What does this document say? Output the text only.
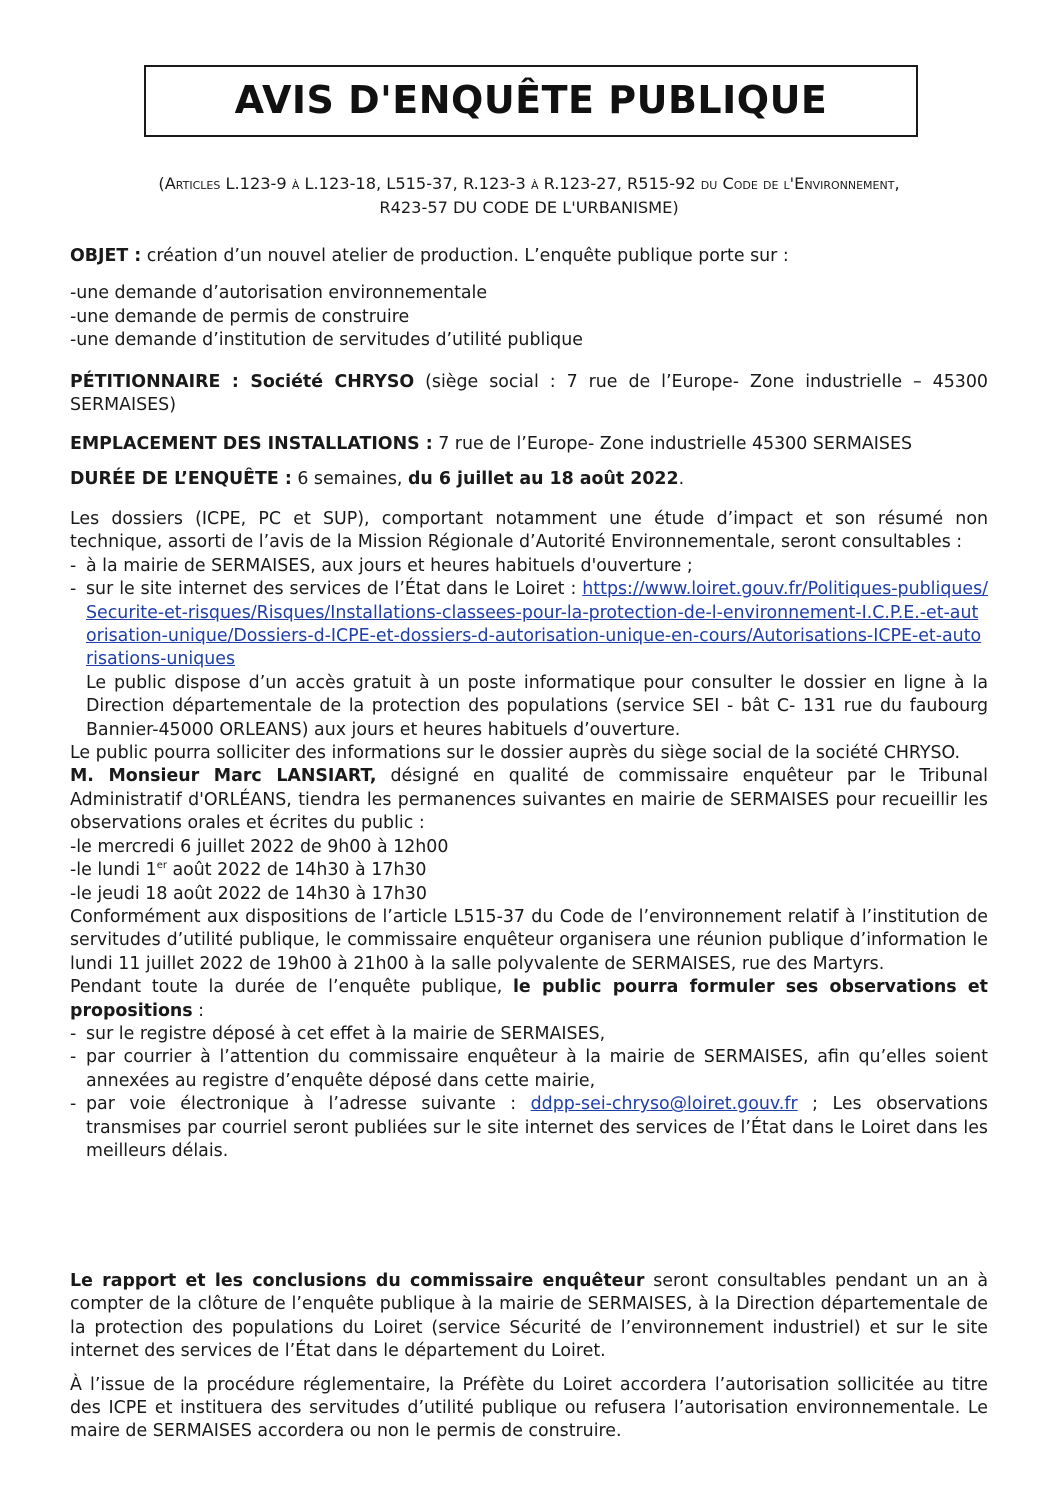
AVIS D'ENQUÊTE PUBLIQUE
(Articles L.123-9 à L.123-18, L515-37, R.123-3 à R.123-27, R515-92 du Code de l'Environnement,
R423-57 DU CODE DE L'URBANISME)

OBJET : création d’un nouvel atelier de production. L’enquête publique porte sur :

-une demande d’autorisation environnementale
-une demande de permis de construire
-une demande d’institution de servitudes d’utilité publique

PÉTITIONNAIRE : Société CHRYSO (siège social : 7 rue de l’Europe- Zone industrielle – 45300 SERMAISES)

EMPLACEMENT DES INSTALLATIONS : 7 rue de l’Europe- Zone industrielle 45300 SERMAISES

DURÉE DE L’ENQUÊTE : 6 semaines, du 6 juillet au 18 août 2022.

Les dossiers (ICPE, PC et SUP), comportant notamment une étude d’impact et son résumé non technique, assorti de l’avis de la Mission Régionale d’Autorité Environnementale, seront consultables :

- à la mairie de SERMAISES, aux jours et heures habituels d'ouverture ;
- sur le site internet des services de l’État dans le Loiret : https://www.loiret.gouv.fr/Politiques-publiques/Securite-et-risques/Risques/Installations-classees-pour-la-protection-de-l-environnement-I.C.P.E.-et-autorisation-unique/Dossiers-d-ICPE-et-dossiers-d-autorisation-unique-en-cours/Autorisations-ICPE-et-autorisations-uniques

Le public dispose d’un accès gratuit à un poste informatique pour consulter le dossier en ligne à la Direction départementale de la protection des populations (service SEI - bât C- 131 rue du faubourg Bannier-45000 ORLEANS) aux jours et heures habituels d’ouverture.

Le public pourra solliciter des informations sur le dossier auprès du siège social de la société CHRYSO.

M. Monsieur Marc LANSIART, désigné en qualité de commissaire enquêteur par le Tribunal Administratif d'ORLÉANS, tiendra les permanences suivantes en mairie de SERMAISES pour recueillir les observations orales et écrites du public :

-le mercredi 6 juillet 2022 de 9h00 à 12h00

-le lundi 1er août 2022 de 14h30 à 17h30

-le jeudi 18 août 2022 de 14h30 à 17h30

Conformément aux dispositions de l’article L515-37 du Code de l’environnement relatif à l’institution de servitudes d’utilité publique, le commissaire enquêteur organisera une réunion publique d’information le lundi 11 juillet 2022 de 19h00 à 21h00 à la salle polyvalente de SERMAISES, rue des Martyrs.

Pendant toute la durée de l’enquête publique, le public pourra formuler ses observations et propositions :

- sur le registre déposé à cet effet à la mairie de SERMAISES,
- par courrier à l’attention du commissaire enquêteur à la mairie de SERMAISES, afin qu’elles soient annexées au registre d’enquête déposé dans cette mairie,
- par voie électronique à l’adresse suivante : ddpp-sei-chryso@loiret.gouv.fr ; Les observations transmises par courriel seront publiées sur le site internet des services de l’État dans le Loiret dans les meilleurs délais.

Le rapport et les conclusions du commissaire enquêteur seront consultables pendant un an à compter de la clôture de l’enquête publique à la mairie de SERMAISES, à la Direction départementale de la protection des populations du Loiret (service Sécurité de l’environnement industriel) et sur le site internet des services de l’État dans le département du Loiret.

À l’issue de la procédure réglementaire, la Préfète du Loiret accordera l’autorisation sollicitée au titre des ICPE et instituera des servitudes d’utilité publique ou refusera l’autorisation environnementale. Le maire de SERMAISES accordera ou non le permis de construire.
